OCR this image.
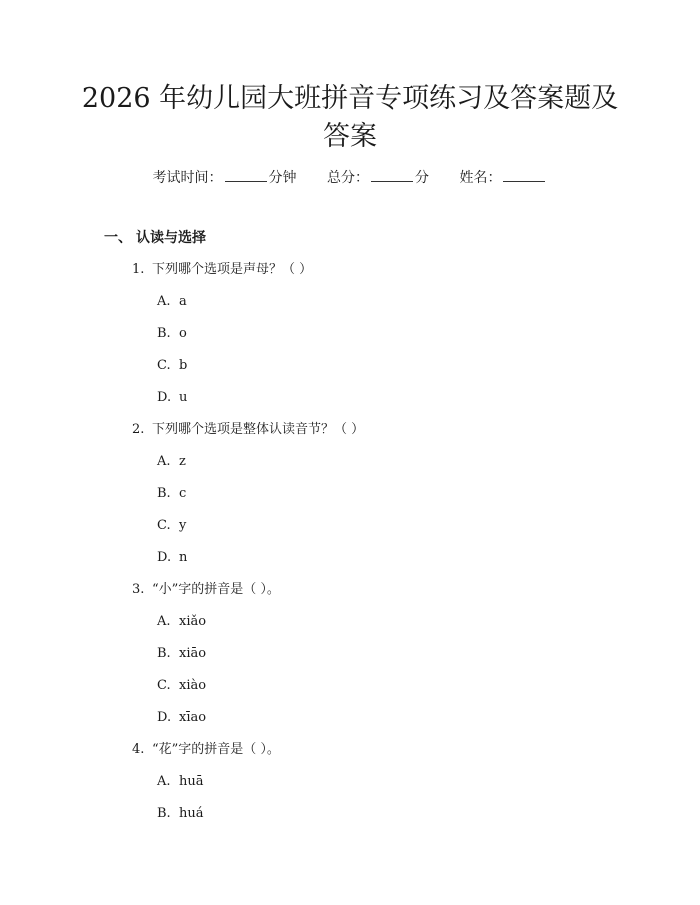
2026 年幼儿园大班拼音专项练习及答案题及答案
考试时间：	分钟 总分：	分 姓名：
一、 认读与选择
1. 下列哪个选项是声母？（ ）
A. a
B. o
C. b
D. u
2. 下列哪个选项是整体认读音节？（ ）
A. z
B. c
C. y
D. n
3. “小”字的拼音是（ ）。
A. xiǎo
B. xiāo
C. xiào
D. xīao
4. “花”字的拼音是（ ）。
A. huā
B. huá
